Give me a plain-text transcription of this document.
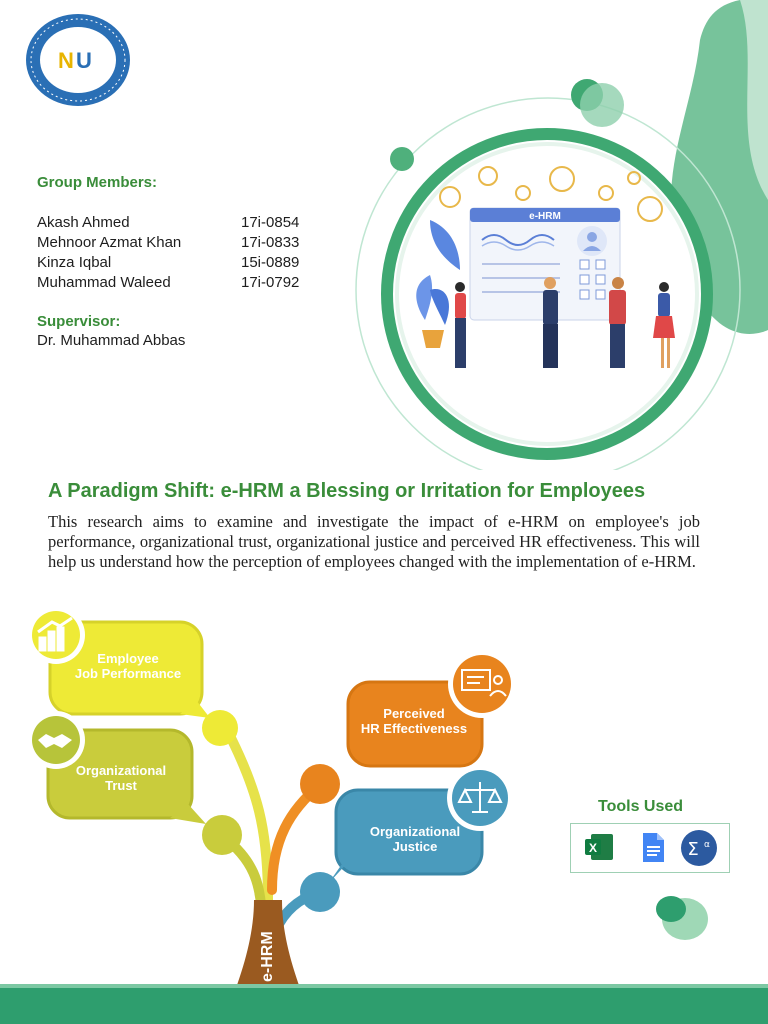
N U
Group Members:
Akash Ahmed	17i-0854
Mehnoor Azmat Khan	17i-0833
Kinza Iqbal	15i-0889
Muhammad Waleed	17i-0792
Supervisor:
Dr. Muhammad Abbas
e-HRM
A Paradigm Shift: e-HRM a Blessing or Irritation for Employees
This research aims to examine and investigate the impact of e-HRM on employee's job performance, organizational trust, organizational justice and perceived HR effectiveness. This will help us understand how the perception of employees changed with the implementation of e-HRM.
e-HRM
Employee
Job Performance
Organizational
Trust
Perceived
HR Effectiveness
Organizational
Justice
Tools Used
X	Σ α
